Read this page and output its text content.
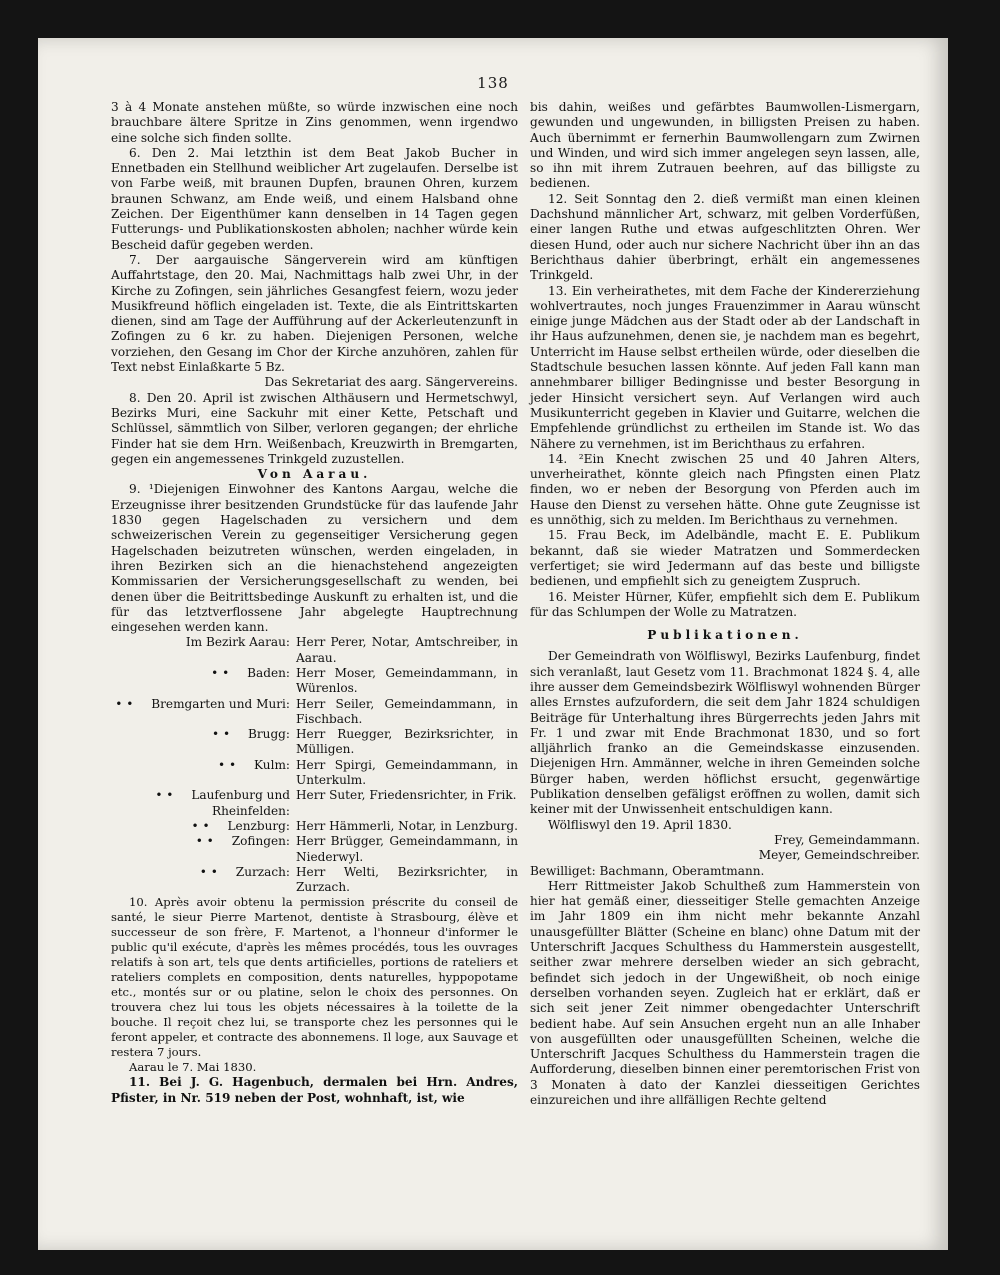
138

3 à 4 Monate anstehen müßte, so würde inzwischen eine noch brauchbare ältere Spritze in Zins genommen, wenn irgendwo eine solche sich finden sollte.

6. Den 2. Mai letzthin ist dem Beat Jakob Bucher in Ennetbaden ein Stellhund weiblicher Art zugelaufen. Derselbe ist von Farbe weiß, mit braunen Dupfen, braunen Ohren, kurzem braunen Schwanz, am Ende weiß, und einem Halsband ohne Zeichen. Der Eigenthümer kann denselben in 14 Tagen gegen Futterungs- und Publikationskosten abholen; nachher würde kein Bescheid dafür gegeben werden.

7. Der aargauische Sängerverein wird am künftigen Auffahrtstage, den 20. Mai, Nachmittags halb zwei Uhr, in der Kirche zu Zofingen, sein jährliches Gesangfest feiern, wozu jeder Musikfreund höflich eingeladen ist. Texte, die als Eintrittskarten dienen, sind am Tage der Aufführung auf der Ackerleutenzunft in Zofingen zu 6 kr. zu haben. Diejenigen Personen, welche vorziehen, den Gesang im Chor der Kirche anzuhören, zahlen für Text nebst Einlaßkarte 5 Bz.

Das Sekretariat des aarg. Sängervereins.

8. Den 20. April ist zwischen Althäusern und Hermetschwyl, Bezirks Muri, eine Sackuhr mit einer Kette, Petschaft und Schlüssel, sämmtlich von Silber, verloren gegangen; der ehrliche Finder hat sie dem Hrn. Weißenbach, Kreuzwirth in Bremgarten, gegen ein angemessenes Trinkgeld zuzustellen.

Von Aarau.

9. ¹Diejenigen Einwohner des Kantons Aargau, welche die Erzeugnisse ihrer besitzenden Grundstücke für das laufende Jahr 1830 gegen Hagelschaden zu versichern und dem schweizerischen Verein zu gegenseitiger Versicherung gegen Hagelschaden beizutreten wünschen, werden eingeladen, in ihren Bezirken sich an die hienachstehend angezeigten Kommissarien der Versicherungsgesellschaft zu wenden, bei denen über die Beitrittsbedinge Auskunft zu erhalten ist, und die für das letztverflossene Jahr abgelegte Hauptrechnung eingesehen werden kann.

Im Bezirk Aarau: Herr Perer, Notar, Amtschreiber, in Aarau.
• • Baden: Herr Moser, Gemeindammann, in Würenlos.
• • Bremgarten und Muri: Herr Seiler, Gemeindammann, in Fischbach.
• • Brugg: Herr Ruegger, Bezirksrichter, in Mülligen.
• • Kulm: Herr Spirgi, Gemeindammann, in Unterkulm.
• • Laufenburg und Rheinfelden:
Herr Suter, Friedensrichter, in Frik.
• • Lenzburg: Herr Hämmerli, Notar, in Lenzburg.
• • Zofingen: Herr Brügger, Gemeindammann, in Niederwyl.
• • Zurzach: Herr Welti, Bezirksrichter, in Zurzach.

10. Après avoir obtenu la permission préscrite du conseil de santé, le sieur Pierre Martenot, dentiste à Strasbourg, élève et successeur de son frère, F. Martenot, a l'honneur d'informer le public qu'il exécute, d'après les mêmes procédés, tous les ouvrages relatifs à son art, tels que dents artificielles, portions de rateliers et rateliers complets en composition, dents naturelles, hyppopotame etc., montés sur or ou platine, selon le choix des personnes. On trouvera chez lui tous les objets nécessaires à la toilette de la bouche. Il reçoit chez lui, se transporte chez les personnes qui le feront appeler, et contracte des abonnemens. Il loge, aux Sauvage et restera 7 jours.

Aarau le 7. Mai 1830.

11. Bei J. G. Hagenbuch, dermalen bei Hrn. Andres, Pfister, in Nr. 519 neben der Post, wohnhaft, ist, wie

bis dahin, weißes und gefärbtes Baumwollen-Lismergarn, gewunden und ungewunden, in billigsten Preisen zu haben. Auch übernimmt er fernerhin Baumwollengarn zum Zwirnen und Winden, und wird sich immer angelegen seyn lassen, alle, so ihn mit ihrem Zutrauen beehren, auf das billigste zu bedienen.

12. Seit Sonntag den 2. dieß vermißt man einen kleinen Dachshund männlicher Art, schwarz, mit gelben Vorderfüßen, einer langen Ruthe und etwas aufgeschlitzten Ohren. Wer diesen Hund, oder auch nur sichere Nachricht über ihn an das Berichthaus dahier überbringt, erhält ein angemessenes Trinkgeld.

13. Ein verheirathetes, mit dem Fache der Kindererziehung wohlvertrautes, noch junges Frauenzimmer in Aarau wünscht einige junge Mädchen aus der Stadt oder ab der Landschaft in ihr Haus aufzunehmen, denen sie, je nachdem man es begehrt, Unterricht im Hause selbst ertheilen würde, oder dieselben die Stadtschule besuchen lassen könnte. Auf jeden Fall kann man annehmbarer billiger Bedingnisse und bester Besorgung in jeder Hinsicht versichert seyn. Auf Verlangen wird auch Musikunterricht gegeben in Klavier und Guitarre, welchen die Empfehlende gründlichst zu ertheilen im Stande ist. Wo das Nähere zu vernehmen, ist im Berichthaus zu erfahren.

14. ²Ein Knecht zwischen 25 und 40 Jahren Alters, unverheirathet, könnte gleich nach Pfingsten einen Platz finden, wo er neben der Besorgung von Pferden auch im Hause den Dienst zu versehen hätte. Ohne gute Zeugnisse ist es unnöthig, sich zu melden. Im Berichthaus zu vernehmen.

15. Frau Beck, im Adelbändle, macht E. E. Publikum bekannt, daß sie wieder Matratzen und Sommerdecken verfertiget; sie wird Jedermann auf das beste und billigste bedienen, und empfiehlt sich zu geneigtem Zuspruch.

16. Meister Hürner, Küfer, empfiehlt sich dem E. Publikum für das Schlumpen der Wolle zu Matratzen.

Publikationen.

Der Gemeindrath von Wölfliswyl, Bezirks Laufenburg, findet sich veranlaßt, laut Gesetz vom 11. Brachmonat 1824 §. 4, alle ihre ausser dem Gemeindsbezirk Wölfliswyl wohnenden Bürger alles Ernstes aufzufordern, die seit dem Jahr 1824 schuldigen Beiträge für Unterhaltung ihres Bürgerrechts jeden Jahrs mit Fr. 1 und zwar mit Ende Brachmonat 1830, und so fort alljährlich franko an die Gemeindskasse einzusenden. Diejenigen Hrn. Ammänner, welche in ihren Gemeinden solche Bürger haben, werden höflichst ersucht, gegenwärtige Publikation denselben gefäligst eröffnen zu wollen, damit sich keiner mit der Unwissenheit entschuldigen kann.

Wölfliswyl den 19. April 1830.

Frey, Gemeindammann.

Meyer, Gemeindschreiber.

Bewilliget: Bachmann, Oberamtmann.

Herr Rittmeister Jakob Schultheß zum Hammerstein von hier hat gemäß einer, diesseitiger Stelle gemachten Anzeige im Jahr 1809 ein ihm nicht mehr bekannte Anzahl unausgefüllter Blätter (Scheine en blanc) ohne Datum mit der Unterschrift Jacques Schulthess du Hammerstein ausgestellt, seither zwar mehrere derselben wieder an sich gebracht, befindet sich jedoch in der Ungewißheit, ob noch einige derselben vorhanden seyen. Zugleich hat er erklärt, daß er sich seit jener Zeit nimmer obengedachter Unterschrift bedient habe. Auf sein Ansuchen ergeht nun an alle Inhaber von ausgefüllten oder unausgefüllten Scheinen, welche die Unterschrift Jacques Schulthess du Hammerstein tragen die Aufforderung, dieselben binnen einer peremtorischen Frist von 3 Monaten à dato der Kanzlei diesseitigen Gerichtes einzureichen und ihre allfälligen Rechte geltend
